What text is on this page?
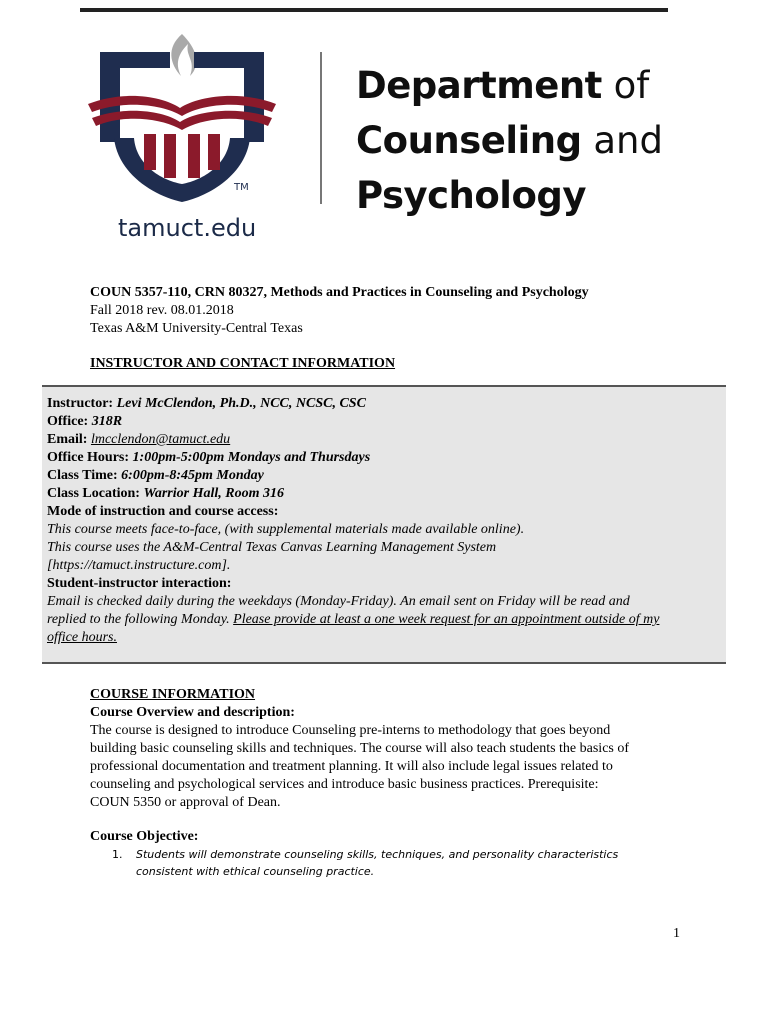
TM
Department of
Counseling and
Psychology
tamuct.edu
COUN 5357-110, CRN 80327, Methods and Practices in Counseling and Psychology
Fall 2018 rev. 08.01.2018
Texas A&M University-Central Texas
INSTRUCTOR AND CONTACT INFORMATION
Instructor: Levi McClendon, Ph.D., NCC, NCSC, CSC
Office: 318R
Email: lmcclendon@tamuct.edu
Office Hours: 1:00pm-5:00pm Mondays and Thursdays
Class Time: 6:00pm-8:45pm Monday
Class Location: Warrior Hall, Room 316
Mode of instruction and course access:
This course meets face-to-face, (with supplemental materials made available online).
This course uses the A&M-Central Texas Canvas Learning Management System
[https://tamuct.instructure.com].
Student-instructor interaction:
Email is checked daily during the weekdays (Monday-Friday). An email sent on Friday will be read and
replied to the following Monday. Please provide at least a one week request for an appointment outside of my
office hours.
COURSE INFORMATION
Course Overview and description:
The course is designed to introduce Counseling pre-interns to methodology that goes beyond
building basic counseling skills and techniques. The course will also teach students the basics of
professional documentation and treatment planning. It will also include legal issues related to
counseling and psychological services and introduce basic business practices. Prerequisite:
COUN 5350 or approval of Dean.
Course Objective:
1. Students will demonstrate counseling skills, techniques, and personality characteristics
consistent with ethical counseling practice.
1
